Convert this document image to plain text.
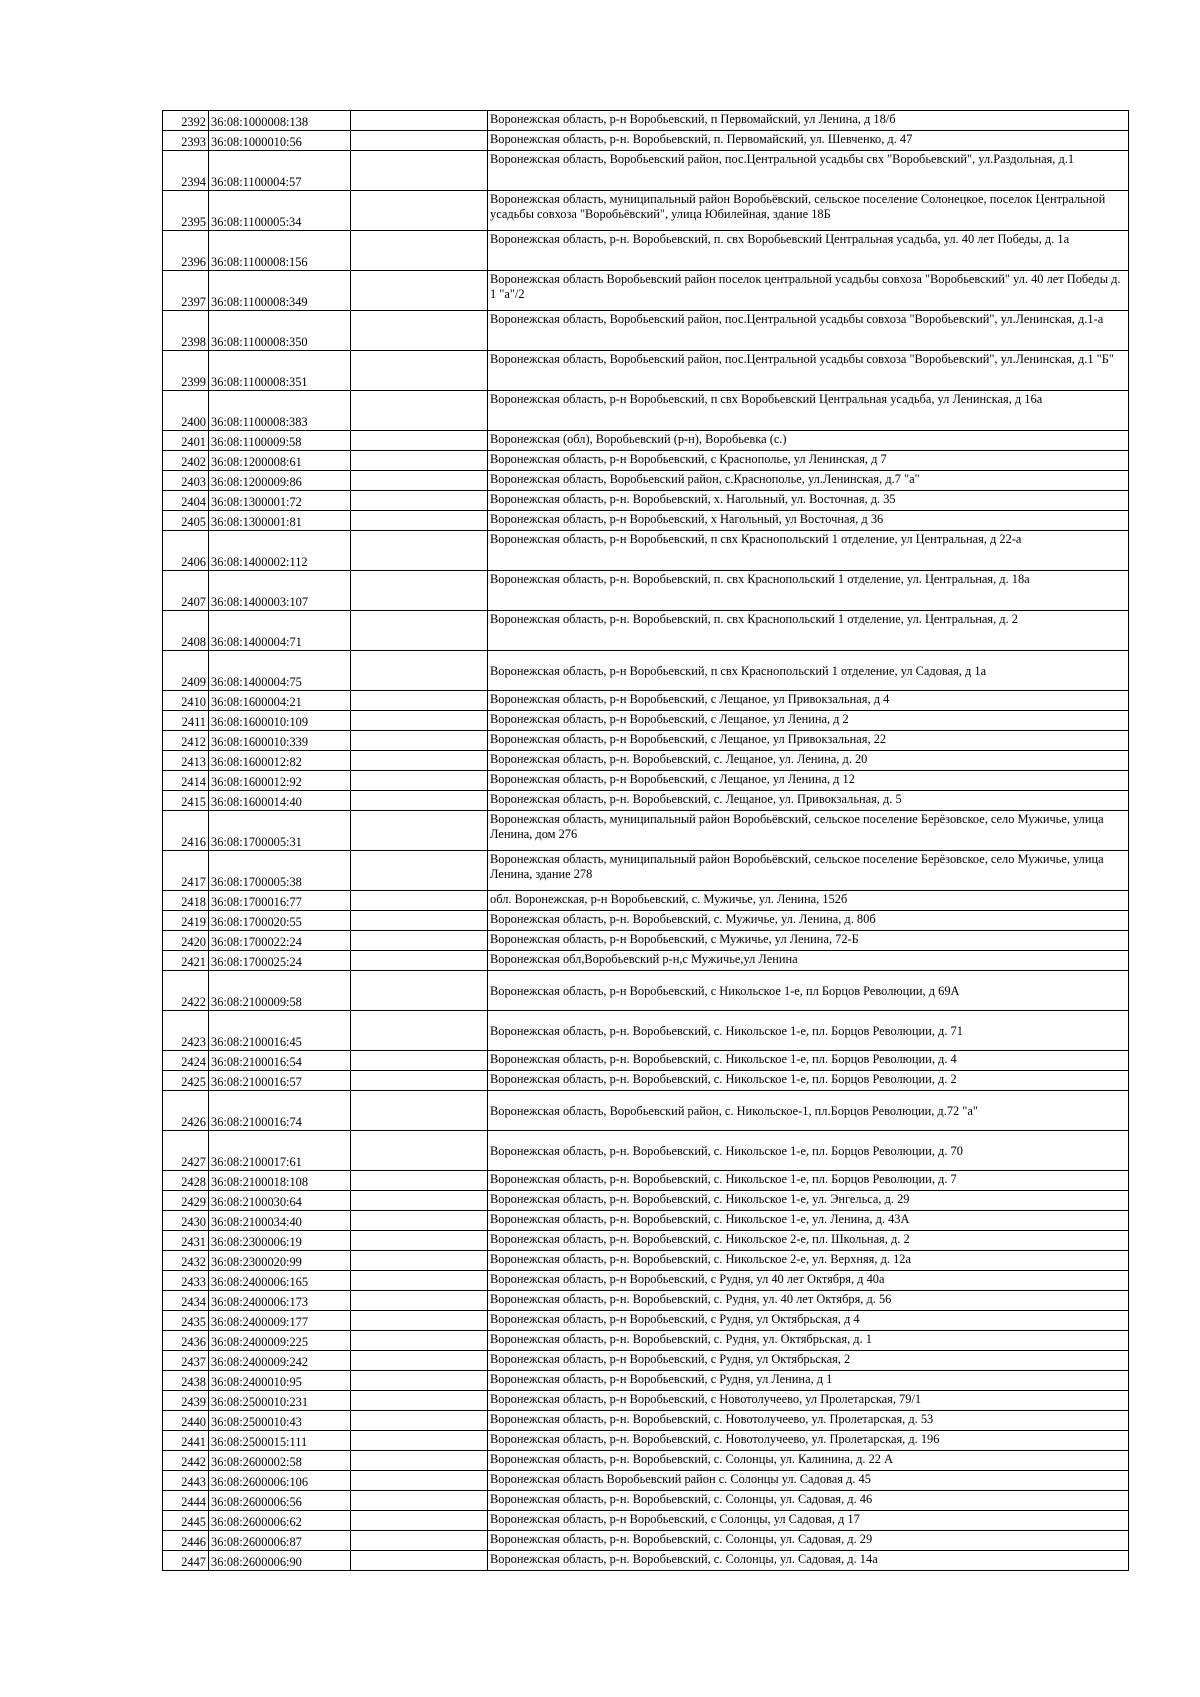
2392	36:08:1000008:138		Воронежская область, р-н Воробьевский, п Первомайский, ул Ленина, д 18/б
2393	36:08:1000010:56		Воронежская область, р-н. Воробьевский, п. Первомайский, ул. Шевченко, д. 47
2394	36:08:1100004:57		Воронежская область, Воробьевский район, пос.Центральной усадьбы свх "Воробьевский", ул.Раздольная, д.1
2395	36:08:1100005:34		Воронежская область, муниципальный район Воробьёвский, сельское поселение Солонецкое, поселок Центральной усадьбы совхоза "Воробьёвский", улица Юбилейная, здание 18Б
2396	36:08:1100008:156		Воронежская область, р-н. Воробьевский, п. свх Воробьевский Центральная усадьба, ул. 40 лет Победы, д. 1а
2397	36:08:1100008:349		Воронежская область Воробьевский район поселок центральной усадьбы совхоза "Воробьевский" ул. 40 лет Победы д. 1 "а"/2
2398	36:08:1100008:350		Воронежская область, Воробьевский район, пос.Центральной усадьбы совхоза "Воробьевский", ул.Ленинская, д.1-а
2399	36:08:1100008:351		Воронежская область, Воробьевский район, пос.Центральной усадьбы совхоза "Воробьевский", ул.Ленинская, д.1 "Б"
2400	36:08:1100008:383		Воронежская область, р-н Воробьевский, п свх Воробьевский Центральная усадьба, ул Ленинская, д 16а
2401	36:08:1100009:58		Воронежская (обл), Воробьевский (р-н), Воробьевка (с.)
2402	36:08:1200008:61		Воронежская область, р-н Воробьевский, с Краснополье, ул Ленинская, д 7
2403	36:08:1200009:86		Воронежская область, Воробьевский район, с.Краснополье, ул.Ленинская, д.7 "а"
2404	36:08:1300001:72		Воронежская область, р-н. Воробьевский, х. Нагольный, ул. Восточная, д. 35
2405	36:08:1300001:81		Воронежская область, р-н Воробьевский, х Нагольный, ул Восточная, д 36
2406	36:08:1400002:112		Воронежская область, р-н Воробьевский, п свх Краснопольский 1 отделение, ул Центральная, д 22-а
2407	36:08:1400003:107		Воронежская область, р-н. Воробьевский, п. свх Краснопольский 1 отделение, ул. Центральная, д. 18а
2408	36:08:1400004:71		Воронежская область, р-н. Воробьевский, п. свх Краснопольский 1 отделение, ул. Центральная, д. 2
2409	36:08:1400004:75		Воронежская область, р-н Воробьевский, п свх Краснопольский 1 отделение, ул Садовая, д 1а
2410	36:08:1600004:21		Воронежская область, р-н Воробьевский, с Лещаное, ул Привокзальная, д 4
2411	36:08:1600010:109		Воронежская область, р-н Воробьевский, с Лещаное, ул Ленина, д 2
2412	36:08:1600010:339		Воронежская область, р-н Воробьевский, с Лещаное, ул Привокзальная, 22
2413	36:08:1600012:82		Воронежская область, р-н. Воробьевский, с. Лещаное, ул. Ленина, д. 20
2414	36:08:1600012:92		Воронежская область, р-н Воробьевский, с Лещаное, ул Ленина, д 12
2415	36:08:1600014:40		Воронежская область, р-н. Воробьевский, с. Лещаное, ул. Привокзальная, д. 5
2416	36:08:1700005:31		Воронежская область, муниципальный район Воробьёвский, сельское поселение Берёзовское, село Мужичье, улица Ленина, дом 276
2417	36:08:1700005:38		Воронежская область, муниципальный район Воробьёвский, сельское поселение Берёзовское, село Мужичье, улица Ленина, здание 278
2418	36:08:1700016:77		обл. Воронежская, р-н Воробьевский, с. Мужичье, ул. Ленина, 152б
2419	36:08:1700020:55		Воронежская область, р-н. Воробьевский, с. Мужичье, ул. Ленина, д. 80б
2420	36:08:1700022:24		Воронежская область, р-н Воробьевский, с Мужичье, ул Ленина, 72-Б
2421	36:08:1700025:24		Воронежская обл,Воробьевский р-н,с Мужичье,ул Ленина
2422	36:08:2100009:58		Воронежская область, р-н Воробьевский, с Никольское 1-е, пл Борцов Революции, д 69А
2423	36:08:2100016:45		Воронежская область, р-н. Воробьевский, с. Никольское 1-е, пл. Борцов Революции, д. 71
2424	36:08:2100016:54		Воронежская область, р-н. Воробьевский, с. Никольское 1-е, пл. Борцов Революции, д. 4
2425	36:08:2100016:57		Воронежская область, р-н. Воробьевский, с. Никольское 1-е, пл. Борцов Революции, д. 2
2426	36:08:2100016:74		Воронежская область, Воробьевский район, с. Никольское-1, пл.Борцов Революции, д.72 "а"
2427	36:08:2100017:61		Воронежская область, р-н. Воробьевский, с. Никольское 1-е, пл. Борцов Революции, д. 70
2428	36:08:2100018:108		Воронежская область, р-н. Воробьевский, с. Никольское 1-е, пл. Борцов Революции, д. 7
2429	36:08:2100030:64		Воронежская область, р-н. Воробьевский, с. Никольское 1-е, ул. Энгельса, д. 29
2430	36:08:2100034:40		Воронежская область, р-н. Воробьевский, с. Никольское 1-е, ул. Ленина, д. 43А
2431	36:08:2300006:19		Воронежская область, р-н. Воробьевский, с. Никольское 2-е, пл. Школьная, д. 2
2432	36:08:2300020:99		Воронежская область, р-н. Воробьевский, с. Никольское 2-е, ул. Верхняя, д. 12а
2433	36:08:2400006:165		Воронежская область, р-н Воробьевский, с Рудня, ул 40 лет Октября, д 40а
2434	36:08:2400006:173		Воронежская область, р-н. Воробьевский, с. Рудня, ул. 40 лет Октября, д. 56
2435	36:08:2400009:177		Воронежская область, р-н Воробьевский, с Рудня, ул Октябрьская, д 4
2436	36:08:2400009:225		Воронежская область, р-н. Воробьевский, с. Рудня, ул. Октябрьская, д. 1
2437	36:08:2400009:242		Воронежская область, р-н Воробьевский, с Рудня, ул Октябрьская, 2
2438	36:08:2400010:95		Воронежская область, р-н Воробьевский, с Рудня, ул Ленина, д 1
2439	36:08:2500010:231		Воронежская область, р-н Воробьевский, с Новотолучеево, ул Пролетарская, 79/1
2440	36:08:2500010:43		Воронежская область, р-н. Воробьевский, с. Новотолучеево, ул. Пролетарская, д. 53
2441	36:08:2500015:111		Воронежская область, р-н. Воробьевский, с. Новотолучеево, ул. Пролетарская, д. 196
2442	36:08:2600002:58		Воронежская область, р-н. Воробьевский, с. Солонцы, ул. Калинина, д. 22 А
2443	36:08:2600006:106		Воронежская область Воробьевский район с. Солонцы ул. Садовая д. 45
2444	36:08:2600006:56		Воронежская область, р-н. Воробьевский, с. Солонцы, ул. Садовая, д. 46
2445	36:08:2600006:62		Воронежская область, р-н Воробьевский, с Солонцы, ул Садовая, д 17
2446	36:08:2600006:87		Воронежская область, р-н. Воробьевский, с. Солонцы, ул. Садовая, д. 29
2447	36:08:2600006:90		Воронежская область, р-н. Воробьевский, с. Солонцы, ул. Садовая, д. 14а
